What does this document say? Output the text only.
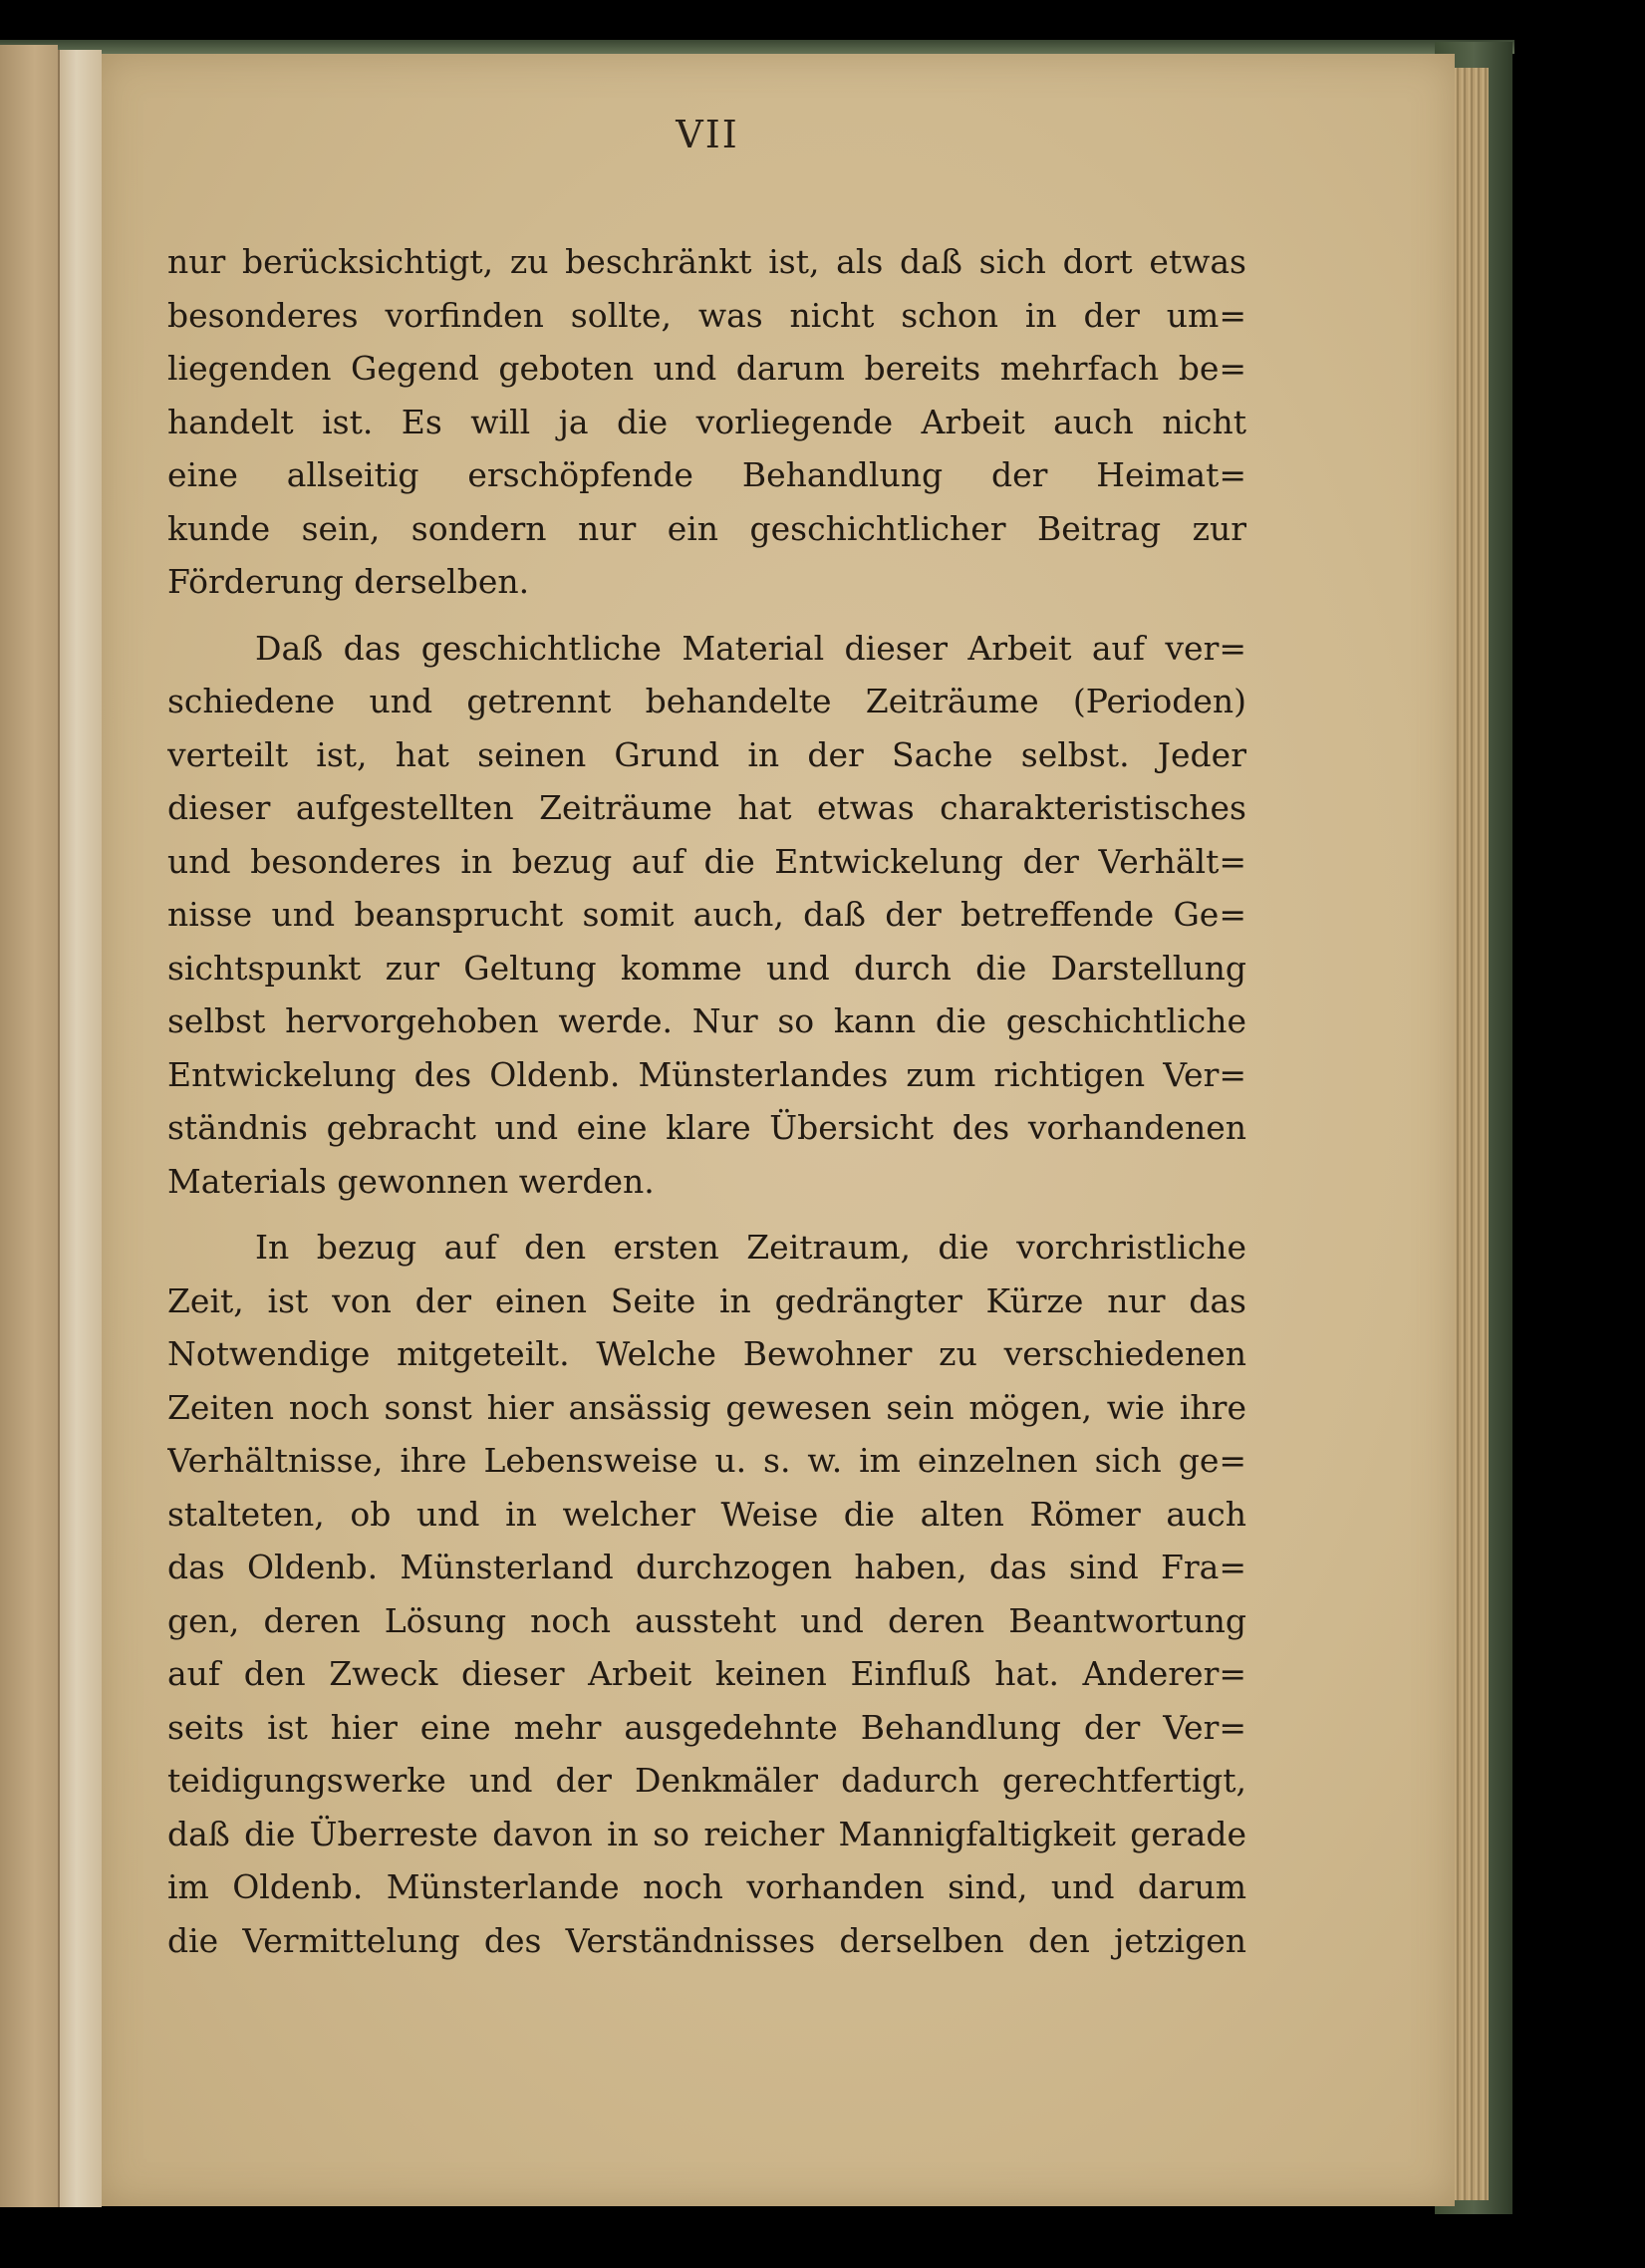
VII
nur berücksichtigt, zu beschränkt ist, als daß sich dort etwas
besonderes vorfinden sollte, was nicht schon in der um=
liegenden Gegend geboten und darum bereits mehrfach be=
handelt ist. Es will ja die vorliegende Arbeit auch nicht
eine allseitig erschöpfende Behandlung der Heimat=
kunde sein, sondern nur ein geschichtlicher Beitrag zur
Förderung derselben.
Daß das geschichtliche Material dieser Arbeit auf ver=
schiedene und getrennt behandelte Zeiträume (Perioden)
verteilt ist, hat seinen Grund in der Sache selbst. Jeder
dieser aufgestellten Zeiträume hat etwas charakteristisches
und besonderes in bezug auf die Entwickelung der Verhält=
nisse und beansprucht somit auch, daß der betreffende Ge=
sichtspunkt zur Geltung komme und durch die Darstellung
selbst hervorgehoben werde. Nur so kann die geschichtliche
Entwickelung des Oldenb. Münsterlandes zum richtigen Ver=
ständnis gebracht und eine klare Übersicht des vorhandenen
Materials gewonnen werden.
In bezug auf den ersten Zeitraum, die vorchristliche
Zeit, ist von der einen Seite in gedrängter Kürze nur das
Notwendige mitgeteilt. Welche Bewohner zu verschiedenen
Zeiten noch sonst hier ansässig gewesen sein mögen, wie ihre
Verhältnisse, ihre Lebensweise u. s. w. im einzelnen sich ge=
stalteten, ob und in welcher Weise die alten Römer auch
das Oldenb. Münsterland durchzogen haben, das sind Fra=
gen, deren Lösung noch aussteht und deren Beantwortung
auf den Zweck dieser Arbeit keinen Einfluß hat. Anderer=
seits ist hier eine mehr ausgedehnte Behandlung der Ver=
teidigungswerke und der Denkmäler dadurch gerechtfertigt,
daß die Überreste davon in so reicher Mannigfaltigkeit gerade
im Oldenb. Münsterlande noch vorhanden sind, und darum
die Vermittelung des Verständnisses derselben den jetzigen
